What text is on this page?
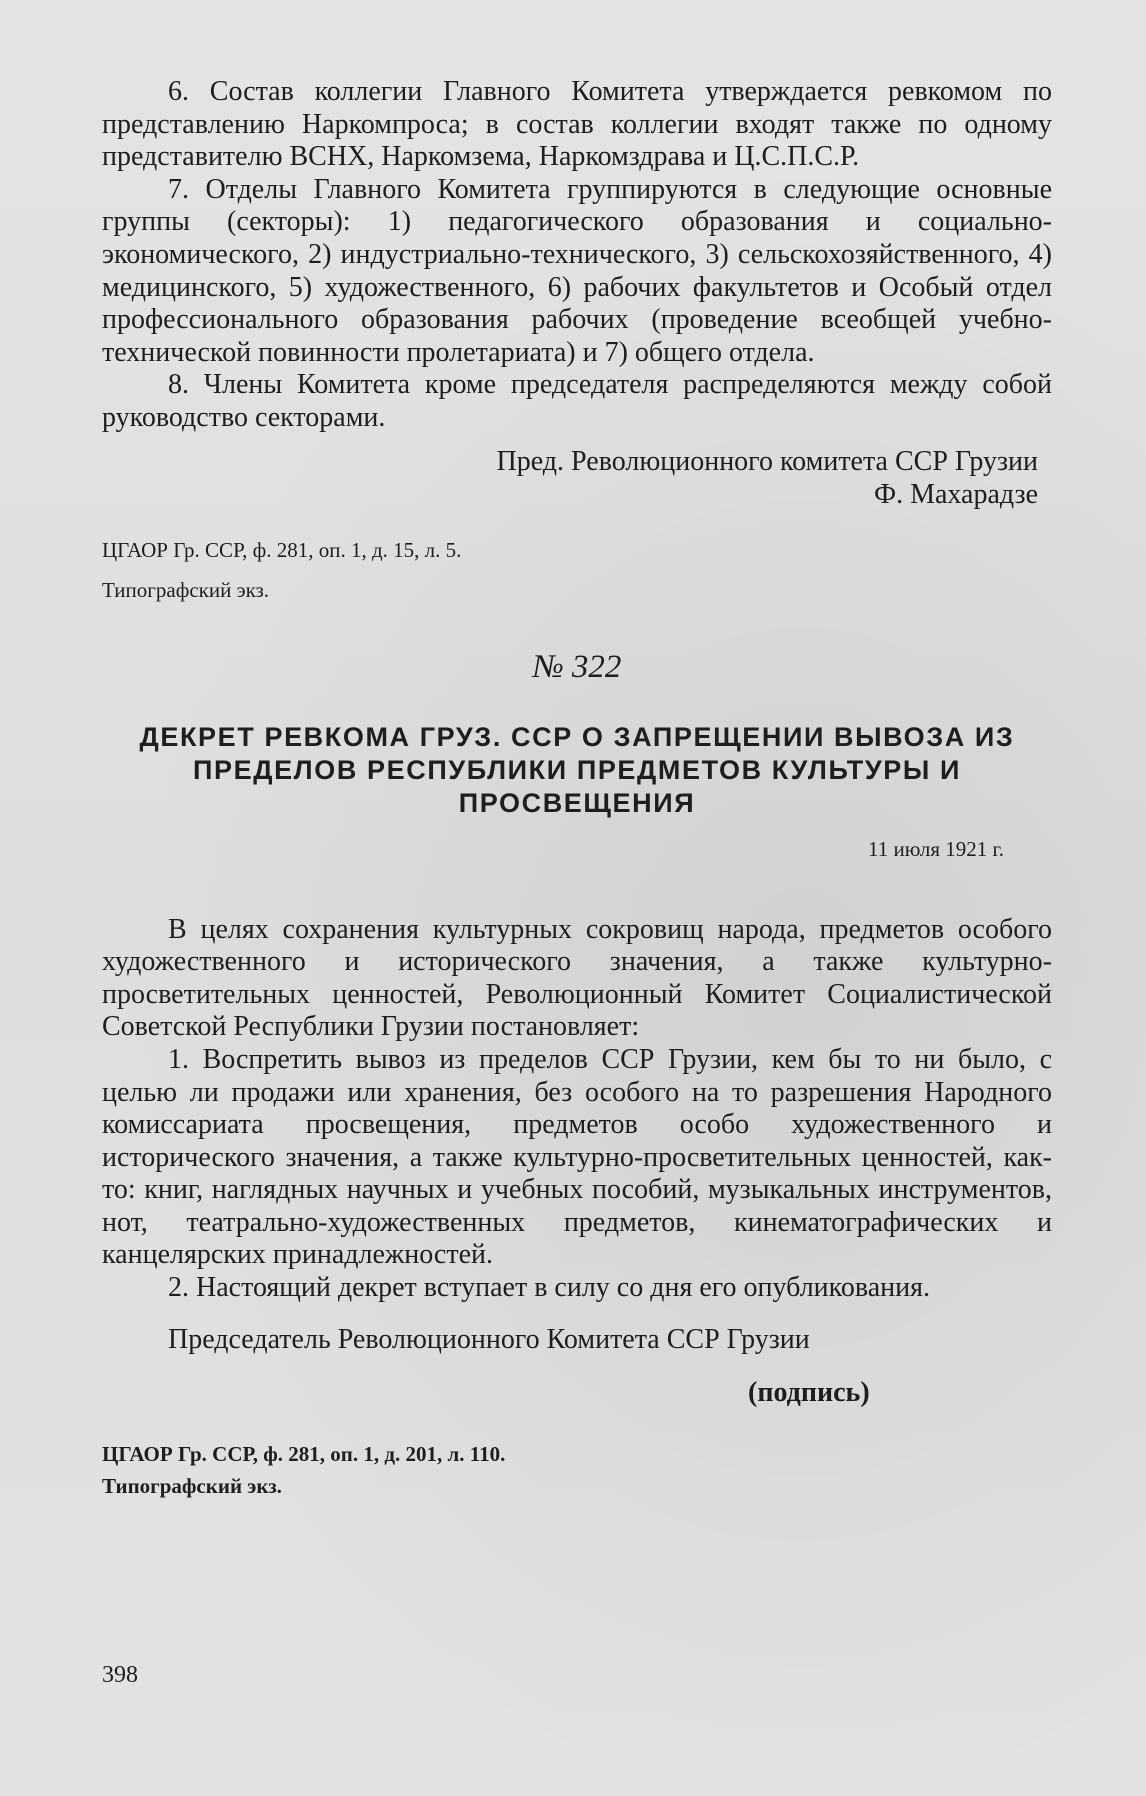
6. Состав коллегии Главного Комитета утверждается ревкомом по представлению Наркомпроса; в состав коллегии входят также по одному представителю ВСНХ, Наркомзема, Наркомздрава и Ц.С.П.С.Р.

7. Отделы Главного Комитета группируются в следующие основные группы (секторы): 1) педагогического образования и социально-экономического, 2) индустриально-технического, 3) сельскохозяйственного, 4) медицинского, 5) художественного, 6) рабочих факультетов и Особый отдел профессионального образования рабочих (проведение всеобщей учебно-технической повинности пролетариата) и 7) общего отдела.

8. Члены Комитета кроме председателя распределяются между собой руководство секторами.

Пред. Революционного комитета ССР Грузии

Ф. Махарадзе

ЦГАОР Гр. ССР, ф. 281, оп. 1, д. 15, л. 5.

Типографский экз.

№ 322

ДЕКРЕТ РЕВКОМА ГРУЗ. ССР О ЗАПРЕЩЕНИИ ВЫВОЗА ИЗ ПРЕДЕЛОВ РЕСПУБЛИКИ ПРЕДМЕТОВ КУЛЬТУРЫ И ПРОСВЕЩЕНИЯ

11 июля 1921 г.

В целях сохранения культурных сокровищ народа, предметов особого художественного и исторического значения, а также культурно-просветительных ценностей, Революционный Комитет Социалистической Советской Республики Грузии постановляет:

1. Воспретить вывоз из пределов ССР Грузии, кем бы то ни было, с целью ли продажи или хранения, без особого на то разрешения Народного комиссариата просвещения, предметов особо художественного и исторического значения, а также культурно-просветительных ценностей, как-то: книг, наглядных научных и учебных пособий, музыкальных инструментов, нот, театрально-художественных предметов, кинематографических и канцелярских принадлежностей.

2. Настоящий декрет вступает в силу со дня его опубликования.

Председатель Революционного Комитета ССР Грузии

(подпись)

ЦГАОР Гр. ССР, ф. 281, оп. 1, д. 201, л. 110.

Типографский экз.

398
